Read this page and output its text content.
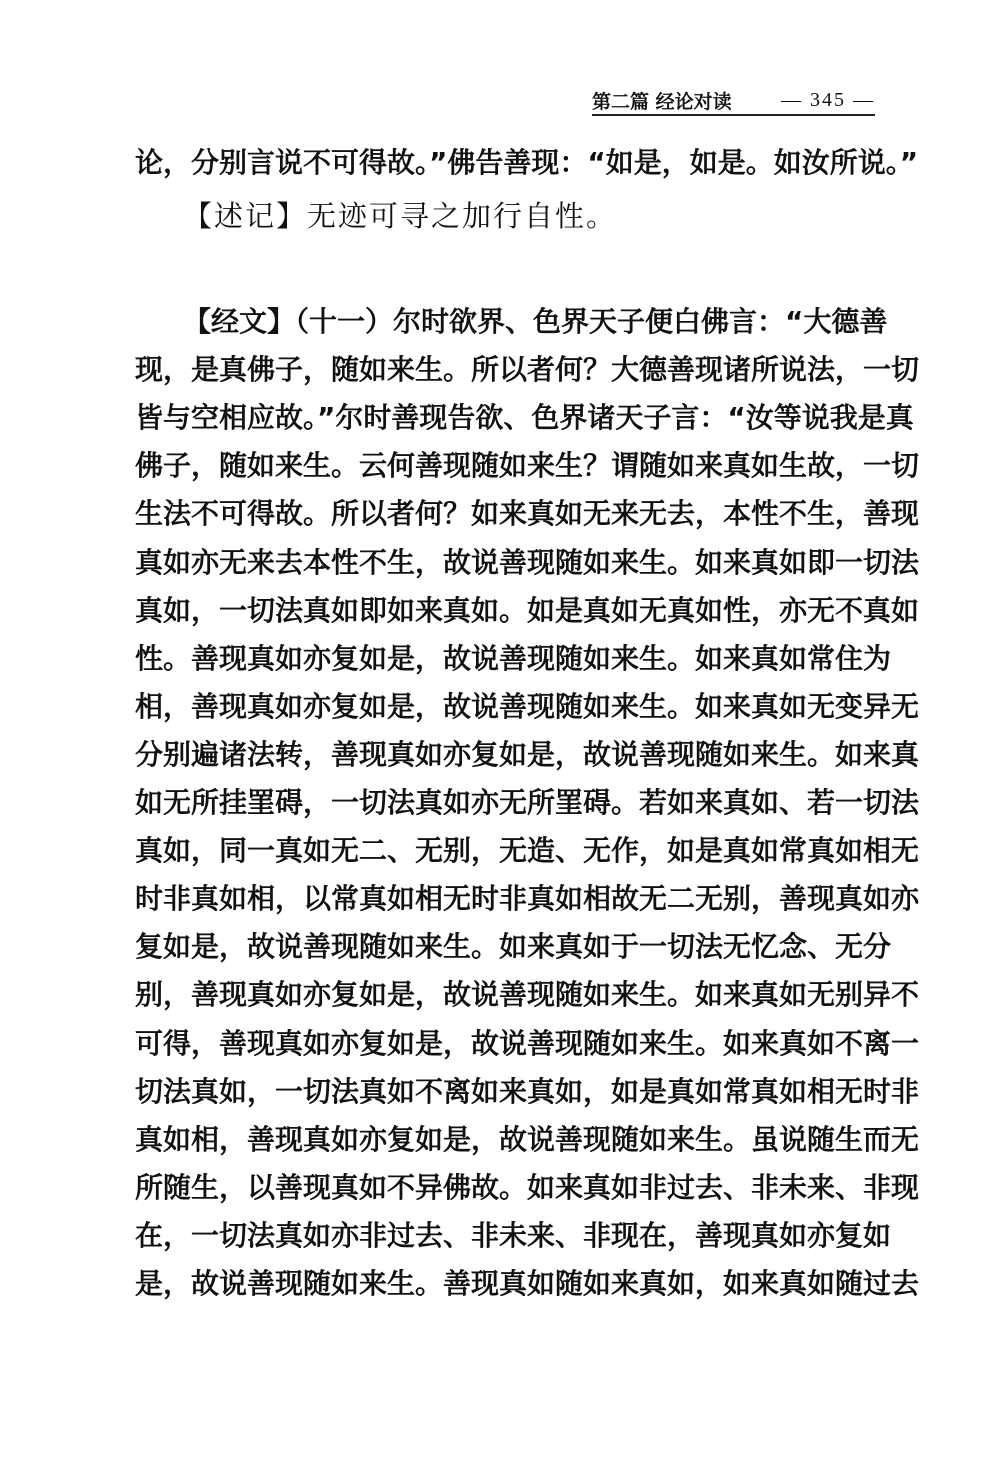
第二篇 经论对读 — 345 —
论，分别言说不可得故。”佛告善现：“如是，如是。如汝所说。”
【述记】无迹可寻之加行自性。
【经文】（十一）尔时欲界、色界天子便白佛言：“大德善
现，是真佛子，随如来生。所以者何？大德善现诸所说法，一切
皆与空相应故。”尔时善现告欲、色界诸天子言：“汝等说我是真
佛子，随如来生。云何善现随如来生？谓随如来真如生故，一切
生法不可得故。所以者何？如来真如无来无去，本性不生，善现
真如亦无来去本性不生，故说善现随如来生。如来真如即一切法
真如，一切法真如即如来真如。如是真如无真如性，亦无不真如
性。善现真如亦复如是，故说善现随如来生。如来真如常住为
相，善现真如亦复如是，故说善现随如来生。如来真如无变异无
分别遍诸法转，善现真如亦复如是，故说善现随如来生。如来真
如无所挂罣碍，一切法真如亦无所罣碍。若如来真如、若一切法
真如，同一真如无二、无别，无造、无作，如是真如常真如相无
时非真如相，以常真如相无时非真如相故无二无别，善现真如亦
复如是，故说善现随如来生。如来真如于一切法无忆念、无分
别，善现真如亦复如是，故说善现随如来生。如来真如无别异不
可得，善现真如亦复如是，故说善现随如来生。如来真如不离一
切法真如，一切法真如不离如来真如，如是真如常真如相无时非
真如相，善现真如亦复如是，故说善现随如来生。虽说随生而无
所随生，以善现真如不异佛故。如来真如非过去、非未来、非现
在，一切法真如亦非过去、非未来、非现在，善现真如亦复如
是，故说善现随如来生。善现真如随如来真如，如来真如随过去
